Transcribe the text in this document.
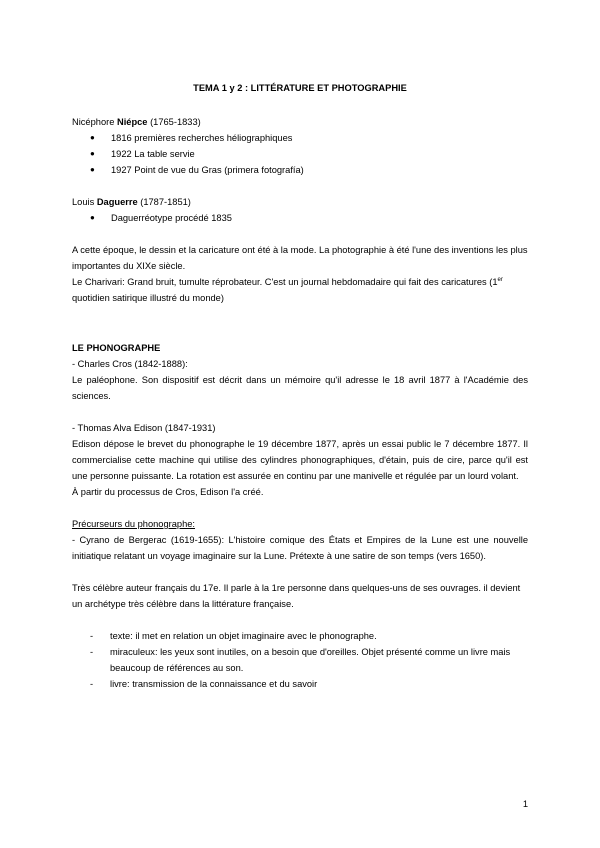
TEMA 1 y 2 : LITTÉRATURE ET PHOTOGRAPHIE

Nicéphore Niépce (1765-1833)

● 1816 premières recherches héliographiques
● 1922 La table servie
● 1927 Point de vue du Gras (primera fotografía)

Louis Daguerre (1787-1851)

● Daguerréotype procédé 1835

A cette époque, le dessin et la caricature ont été à la mode. La photographie à été l'une des inventions les plus importantes du XIXe siècle.

Le Charivari: Grand bruit, tumulte réprobateur. C'est un journal hebdomadaire qui fait des caricatures (1er quotidien satirique illustré du monde)

LE PHONOGRAPHE

- Charles Cros (1842-1888):

Le paléophone. Son dispositif est décrit dans un mémoire qu'il adresse le 18 avril 1877 à l'Académie des sciences.

- Thomas Alva Edison (1847-1931)

Edison dépose le brevet du phonographe le 19 décembre 1877, après un essai public le 7 décembre 1877. Il commercialise cette machine qui utilise des cylindres phonographiques, d'étain, puis de cire, parce qu'il est une personne puissante. La rotation est assurée en continu par une manivelle et régulée par un lourd volant.

À partir du processus de Cros, Edison l'a créé.

Précurseurs du phonographe:

- Cyrano de Bergerac (1619-1655): L'histoire comique des États et Empires de la Lune est une nouvelle initiatique relatant un voyage imaginaire sur la Lune. Prétexte à une satire de son temps (vers 1650).

Très célèbre auteur français du 17e. Il parle à la 1re personne dans quelques-uns de ses ouvrages. il devient un archétype très célèbre dans la littérature française.

- texte: il met en relation un objet imaginaire avec le phonographe.
- miraculeux: les yeux sont inutiles, on a besoin que d'oreilles. Objet présenté comme un livre mais beaucoup de références au son.
- livre: transmission de la connaissance et du savoir
1
